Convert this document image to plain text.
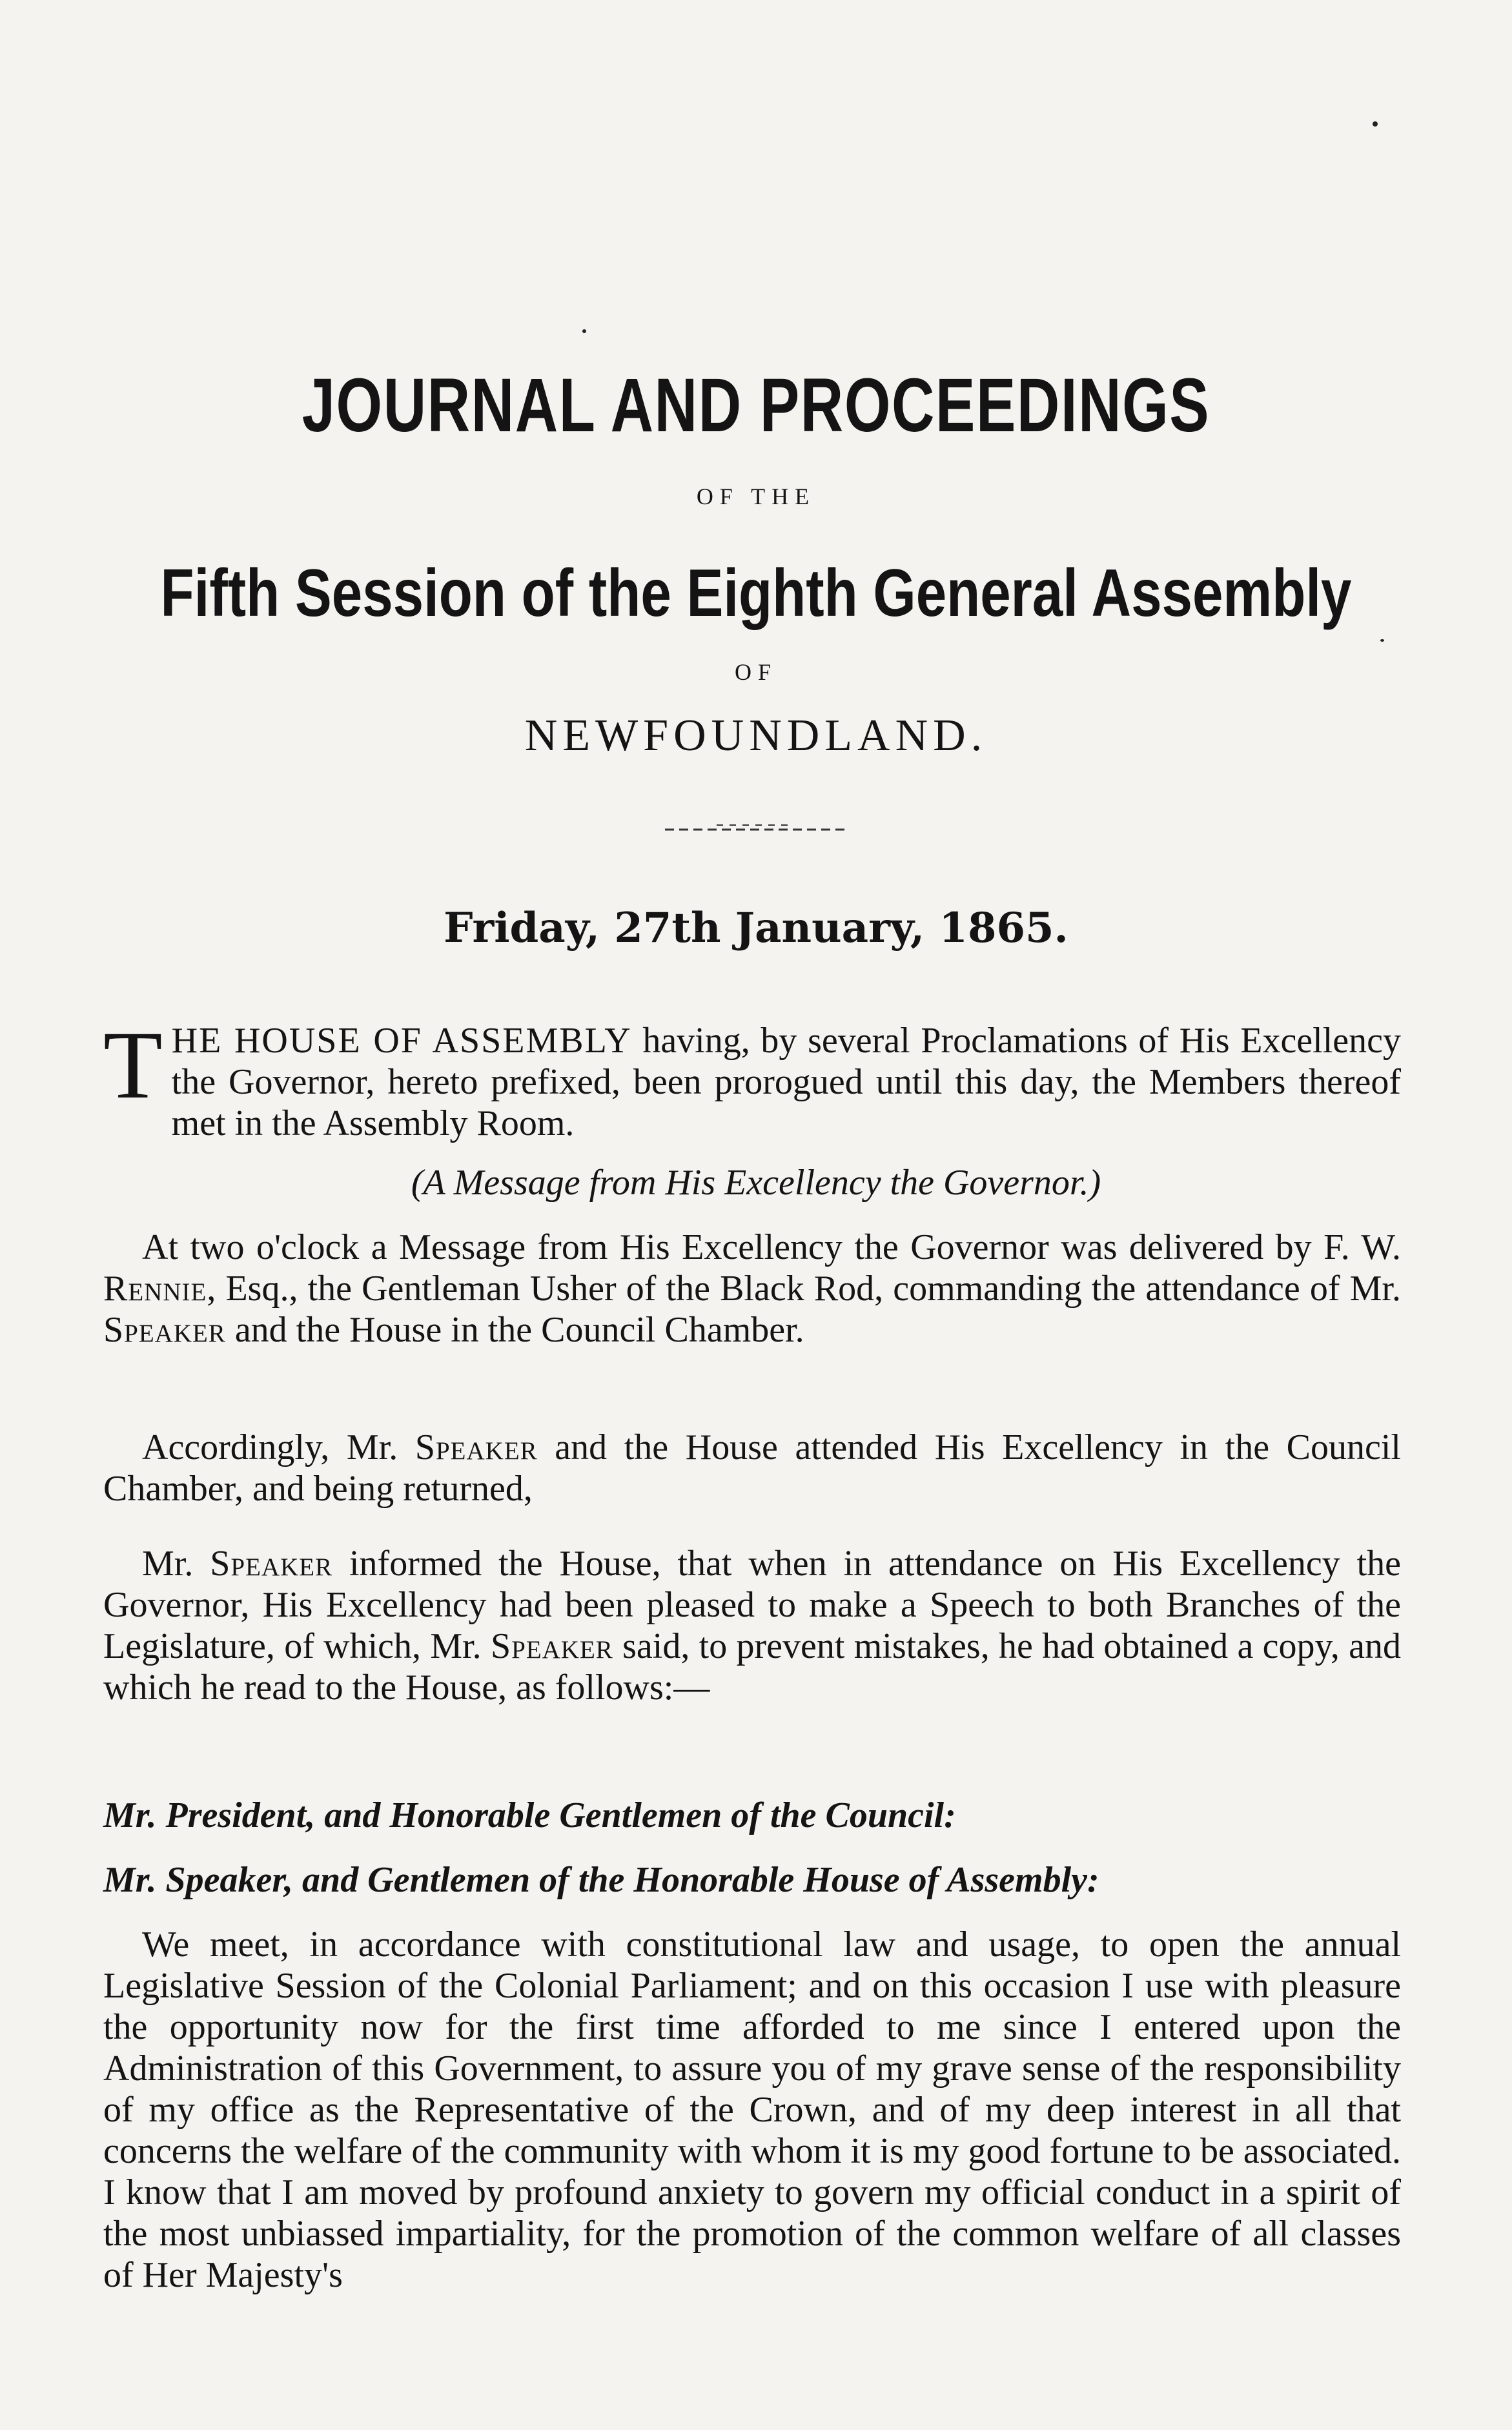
JOURNAL AND PROCEEDINGS
OF THE
Fifth Session of the Eighth General Assembly
OF
NEWFOUNDLAND.
Friday, 27th January, 1865.
THE HOUSE OF ASSEMBLY having, by several Proclamations of His Excellency the Governor, hereto prefixed, been prorogued until this day, the Members thereof met in the Assembly Room.
(A Message from His Excellency the Governor.)
At two o'clock a Message from His Excellency the Governor was delivered by F. W. Rennie, Esq., the Gentleman Usher of the Black Rod, commanding the attendance of Mr. Speaker and the House in the Council Chamber.
Accordingly, Mr. Speaker and the House attended His Excellency in the Council Chamber, and being returned,
Mr. Speaker informed the House, that when in attendance on His Excellency the Governor, His Excellency had been pleased to make a Speech to both Branches of the Legislature, of which, Mr. Speaker said, to prevent mistakes, he had obtained a copy, and which he read to the House, as follows:—
Mr. President, and Honorable Gentlemen of the Council:
Mr. Speaker, and Gentlemen of the Honorable House of Assembly:
We meet, in accordance with constitutional law and usage, to open the annual Legislative Session of the Colonial Parliament; and on this occasion I use with pleasure the opportunity now for the first time afforded to me since I entered upon the Administration of this Government, to assure you of my grave sense of the responsibility of my office as the Representative of the Crown, and of my deep interest in all that concerns the welfare of the community with whom it is my good fortune to be associated. I know that I am moved by profound anxiety to govern my official conduct in a spirit of the most unbiassed impartiality, for the promotion of the common welfare of all classes of Her Majesty's
